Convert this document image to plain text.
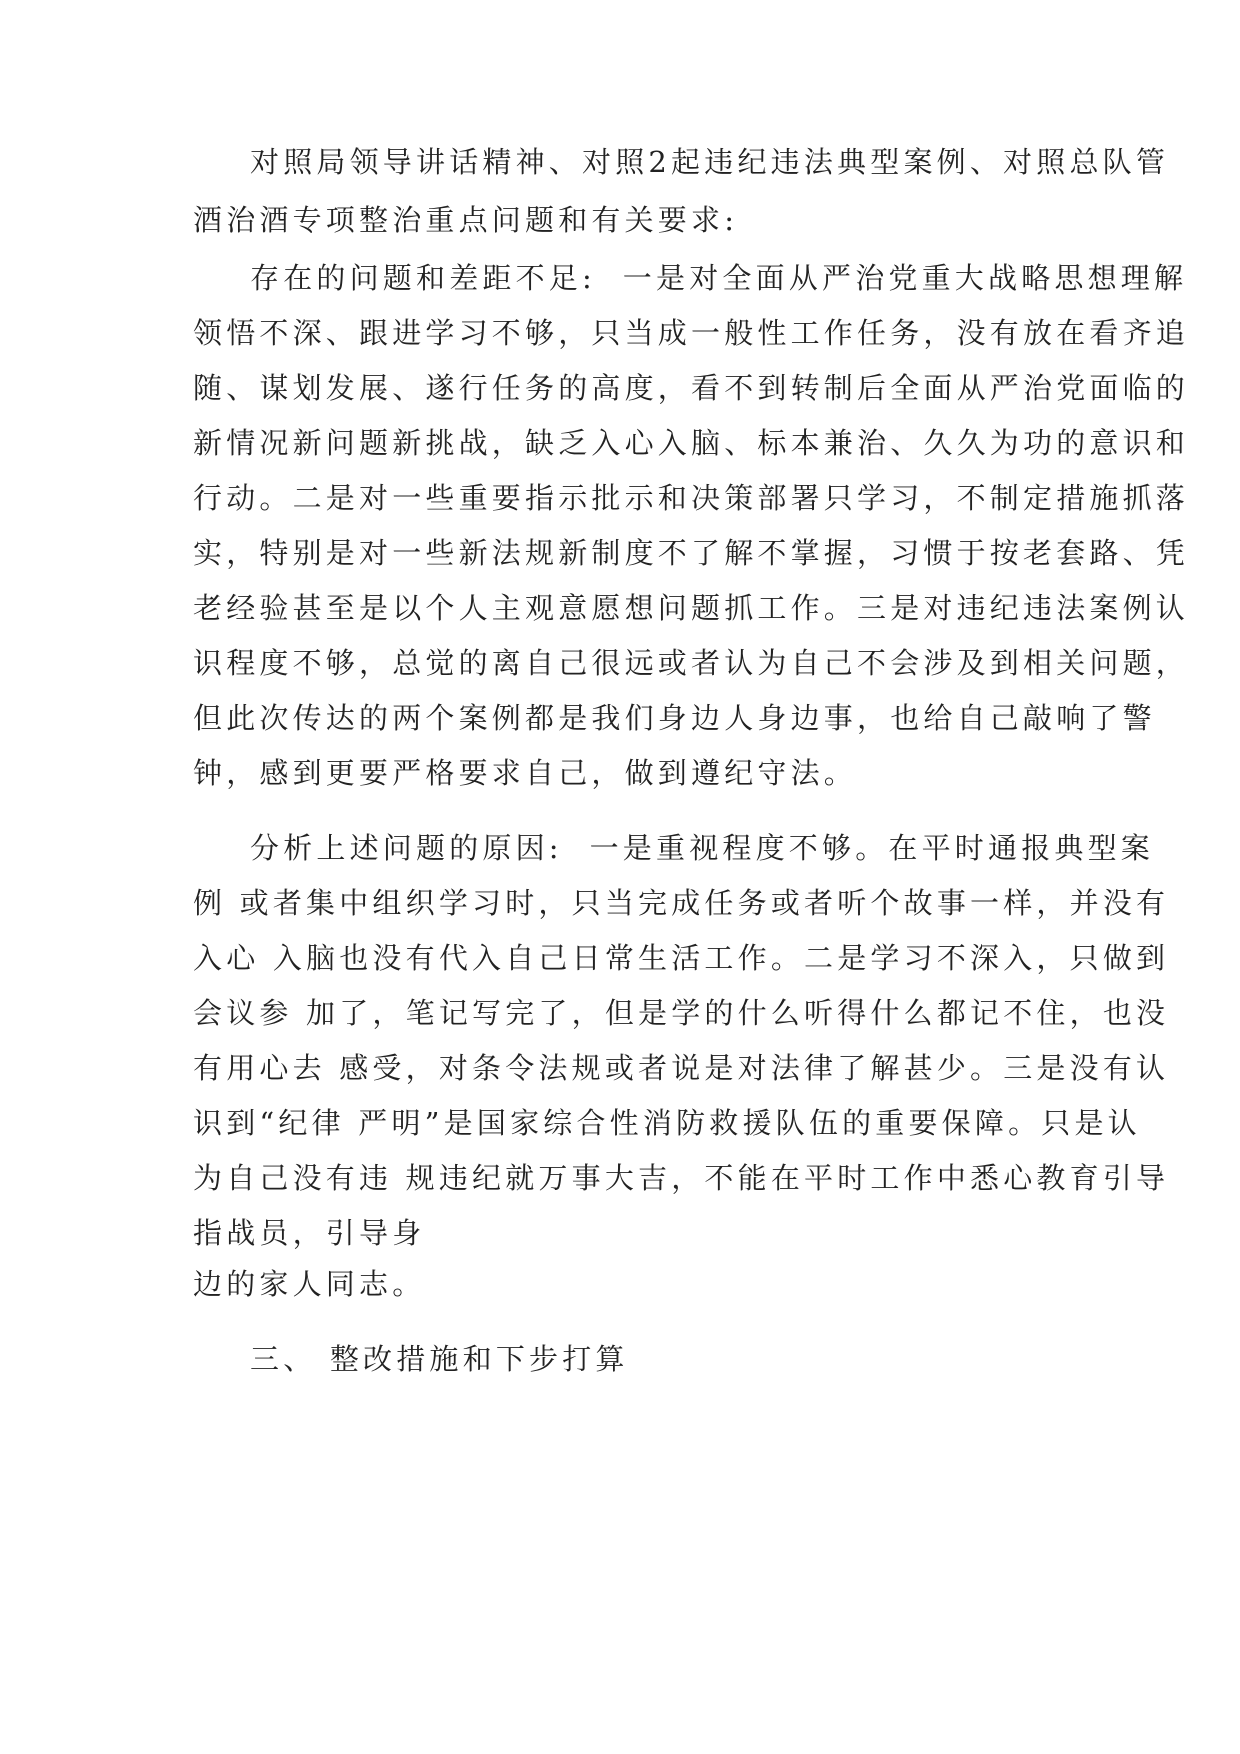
对照局领导讲话精神、对照2起违纪违法典型案例、对照总队管
酒治酒专项整治重点问题和有关要求:
存在的问题和差距不足:  一是对全面从严治党重大战略思想理解
领悟不深、跟进学习不够，只当成一般性工作任务，没有放在看齐追
随、谋划发展、遂行任务的高度，看不到转制后全面从严治党面临的
新情况新问题新挑战，缺乏入心入脑、标本兼治、久久为功的意识和
行动。二是对一些重要指示批示和决策部署只学习，不制定措施抓落
实，特别是对一些新法规新制度不了解不掌握，习惯于按老套路、凭
老经验甚至是以个人主观意愿想问题抓工作。三是对违纪违法案例认
识程度不够，总觉的离自己很远或者认为自己不会涉及到相关问题，
但此次传达的两个案例都是我们身边人身边事，也给自己敲响了警
钟，感到更要严格要求自己，做到遵纪守法。
分析上述问题的原因:  一是重视程度不够。在平时通报典型案
例 或者集中组织学习时，只当完成任务或者听个故事一样，并没有
入心 入脑也没有代入自己日常生活工作。二是学习不深入，只做到
会议参 加了，笔记写完了，但是学的什么听得什么都记不住，也没
有用心去 感受，对条令法规或者说是对法律了解甚少。三是没有认
识到“纪律 严明”是国家综合性消防救援队伍的重要保障。只是认
为自己没有违 规违纪就万事大吉，不能在平时工作中悉心教育引导
指战员，引导身
边的家人同志。
三、 整改措施和下步打算
